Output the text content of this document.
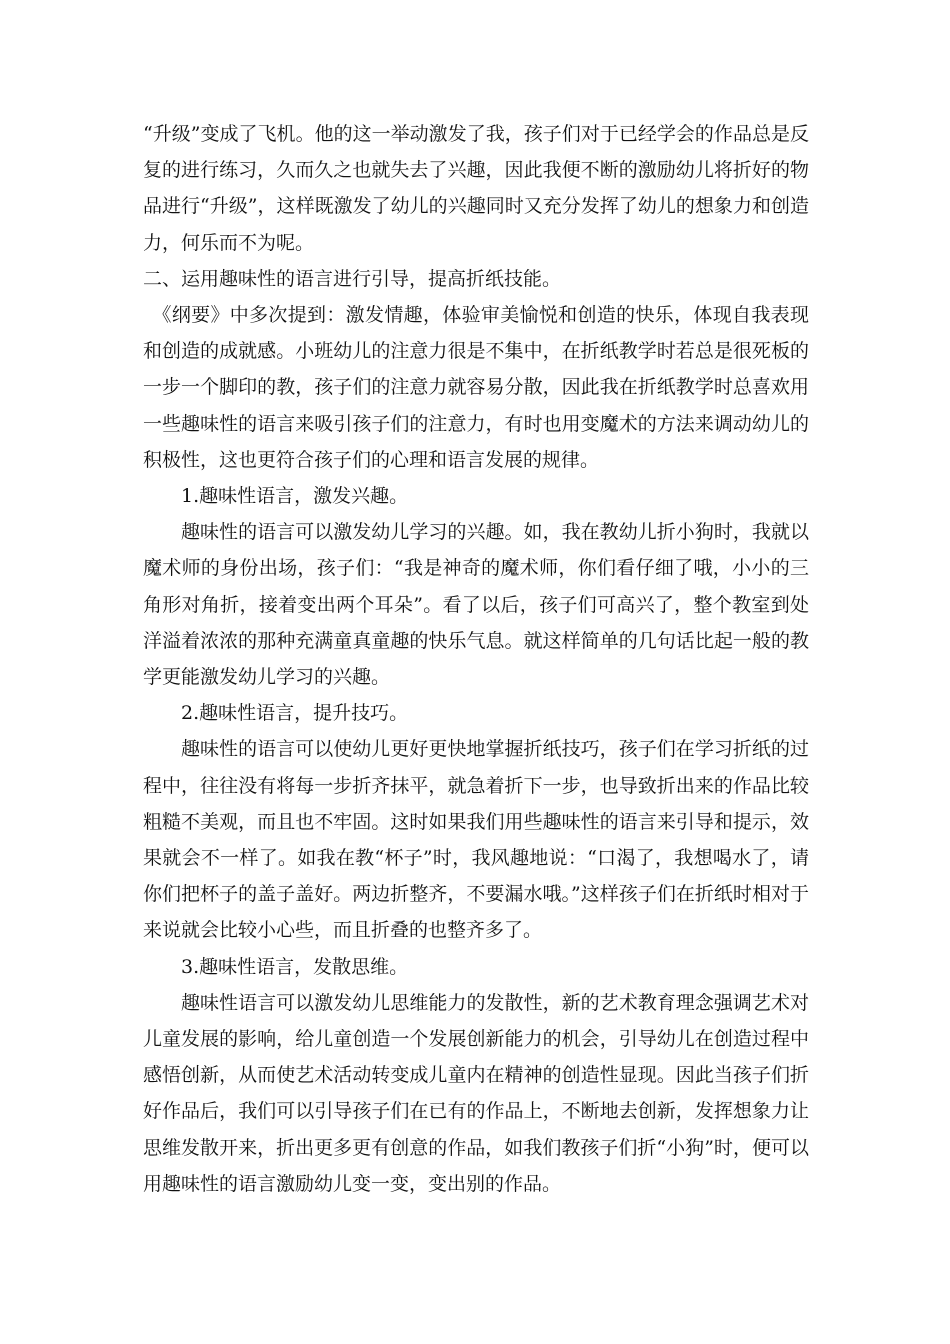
“升级”变成了飞机。他的这一举动激发了我，孩子们对于已经学会的作品总是反复的进行练习，久而久之也就失去了兴趣，因此我便不断的激励幼儿将折好的物品进行“升级”，这样既激发了幼儿的兴趣同时又充分发挥了幼儿的想象力和创造力，何乐而不为呢。

二、运用趣味性的语言进行引导，提高折纸技能。

《纲要》中多次提到：激发情趣，体验审美愉悦和创造的快乐，体现自我表现和创造的成就感。小班幼儿的注意力很是不集中，在折纸教学时若总是很死板的一步一个脚印的教，孩子们的注意力就容易分散，因此我在折纸教学时总喜欢用一些趣味性的语言来吸引孩子们的注意力，有时也用变魔术的方法来调动幼儿的积极性，这也更符合孩子们的心理和语言发展的规律。

1.趣味性语言，激发兴趣。

趣味性的语言可以激发幼儿学习的兴趣。如，我在教幼儿折小狗时，我就以魔术师的身份出场，孩子们：“我是神奇的魔术师，你们看仔细了哦，小小的三角形对角折，接着变出两个耳朵”。看了以后，孩子们可高兴了，整个教室到处洋溢着浓浓的那种充满童真童趣的快乐气息。就这样简单的几句话比起一般的教学更能激发幼儿学习的兴趣。

2.趣味性语言，提升技巧。

趣味性的语言可以使幼儿更好更快地掌握折纸技巧，孩子们在学习折纸的过程中，往往没有将每一步折齐抹平，就急着折下一步，也导致折出来的作品比较粗糙不美观，而且也不牢固。这时如果我们用些趣味性的语言来引导和提示，效果就会不一样了。如我在教“杯子”时，我风趣地说：“口渴了，我想喝水了，请你们把杯子的盖子盖好。两边折整齐，不要漏水哦。”这样孩子们在折纸时相对于来说就会比较小心些，而且折叠的也整齐多了。

3.趣味性语言，发散思维。

趣味性语言可以激发幼儿思维能力的发散性，新的艺术教育理念强调艺术对儿童发展的影响，给儿童创造一个发展创新能力的机会，引导幼儿在创造过程中感悟创新，从而使艺术活动转变成儿童内在精神的创造性显现。因此当孩子们折好作品后，我们可以引导孩子们在已有的作品上，不断地去创新，发挥想象力让思维发散开来，折出更多更有创意的作品，如我们教孩子们折“小狗”时，便可以用趣味性的语言激励幼儿变一变，变出别的作品。
